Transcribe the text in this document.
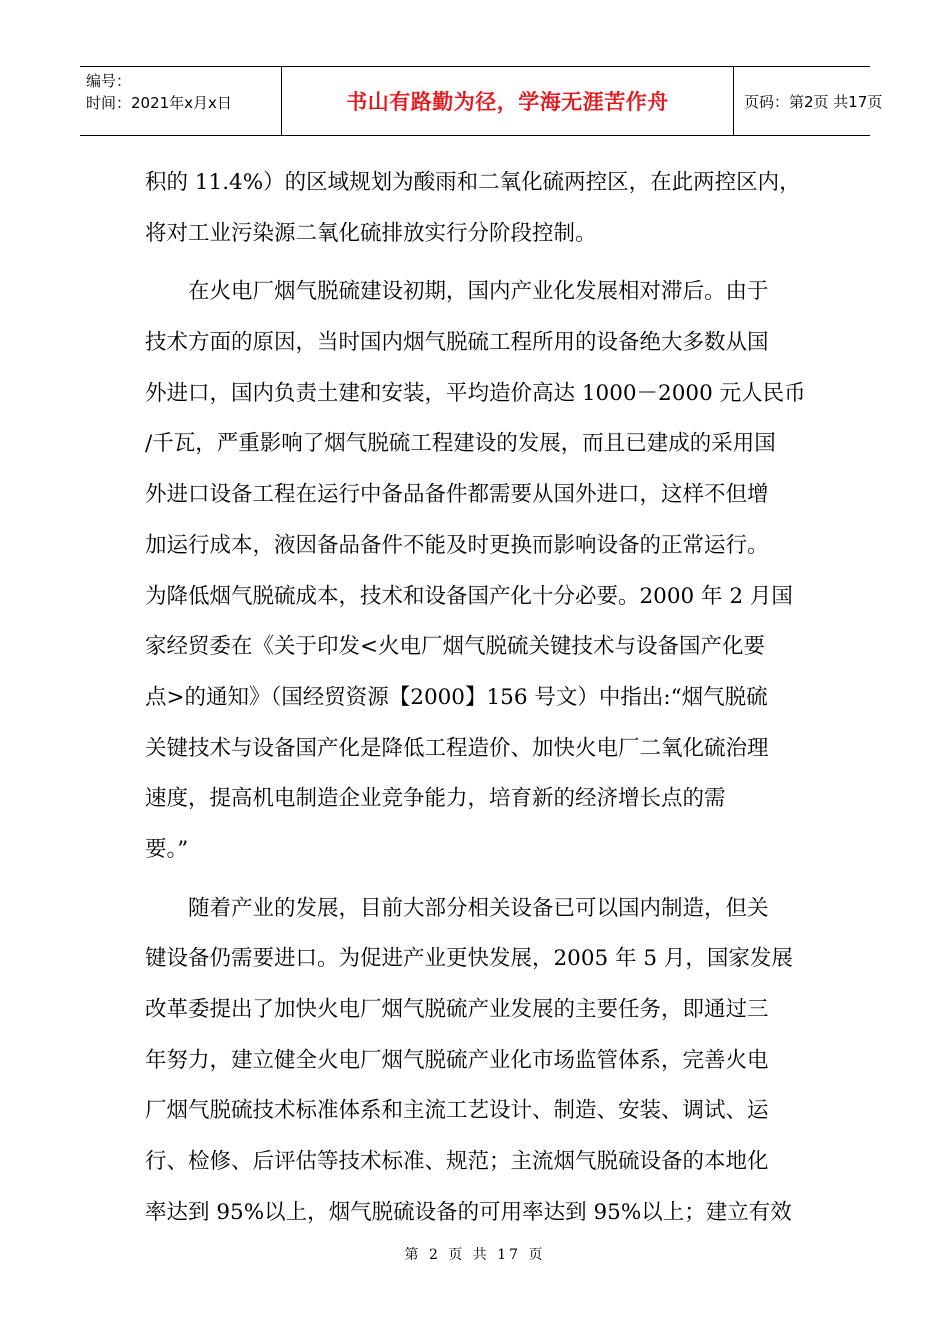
编号：
时间：2021年x月x日	书山有路勤为径，学海无涯苦作舟	页码：第2页 共17页
积的 11.4%）的区域规划为酸雨和二氧化硫两控区，在此两控区内，
将对工业污染源二氧化硫排放实行分阶段控制。
在火电厂烟气脱硫建设初期，国内产业化发展相对滞后。由于
技术方面的原因，当时国内烟气脱硫工程所用的设备绝大多数从国
外进口，国内负责土建和安装，平均造价高达 1000－2000 元人民币
/千瓦，严重影响了烟气脱硫工程建设的发展，而且已建成的采用国
外进口设备工程在运行中备品备件都需要从国外进口，这样不但增
加运行成本，液因备品备件不能及时更换而影响设备的正常运行。
为降低烟气脱硫成本，技术和设备国产化十分必要。2000 年 2 月国
家经贸委在《关于印发<火电厂烟气脱硫关键技术与设备国产化要
点>的通知》（国经贸资源【2000】156 号文）中指出:“烟气脱硫
关键技术与设备国产化是降低工程造价、加快火电厂二氧化硫治理
速度，提高机电制造企业竞争能力，培育新的经济增长点的需
要。”
随着产业的发展，目前大部分相关设备已可以国内制造，但关
键设备仍需要进口。为促进产业更快发展，2005 年 5 月，国家发展
改革委提出了加快火电厂烟气脱硫产业发展的主要任务，即通过三
年努力，建立健全火电厂烟气脱硫产业化市场监管体系，完善火电
厂烟气脱硫技术标准体系和主流工艺设计、制造、安装、调试、运
行、检修、后评估等技术标准、规范；主流烟气脱硫设备的本地化
率达到 95%以上，烟气脱硫设备的可用率达到 95%以上；建立有效
第 2 页 共 17 页
